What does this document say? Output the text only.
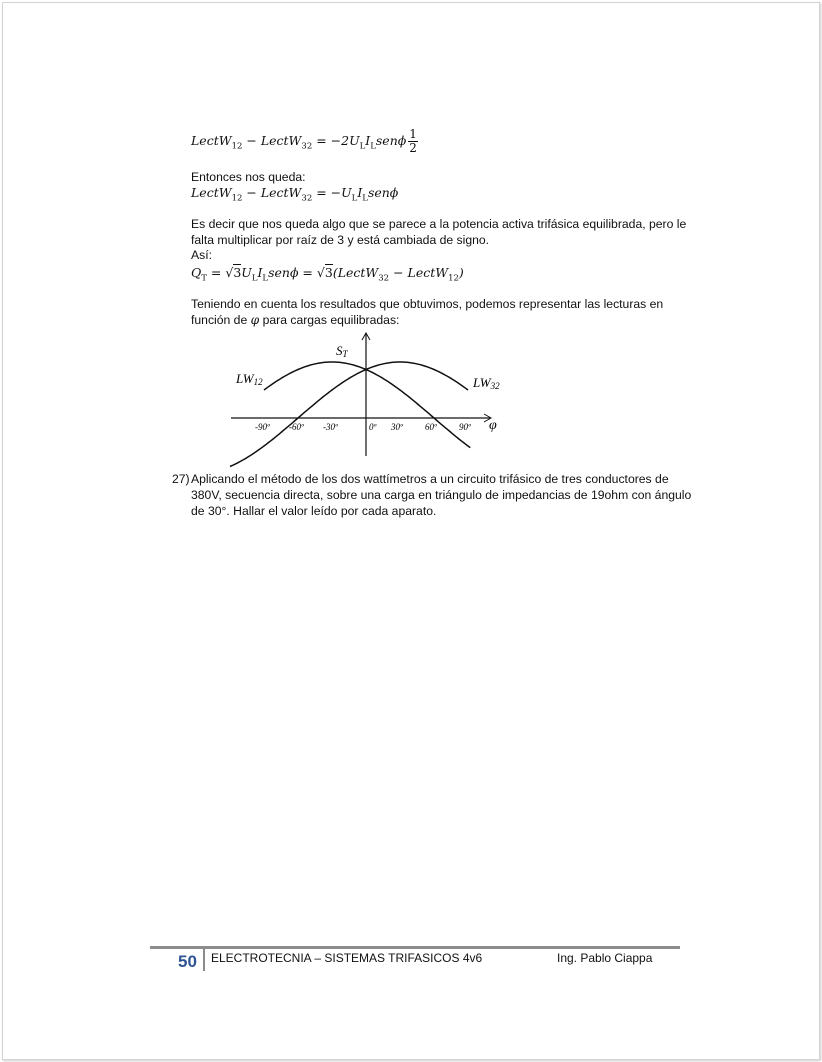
LectW$_{12}$ − LectW$_{32}$ = $-2U_LI_Lsen\phi \frac{1}{2}$
Entonces nos queda:
LectW$_{12}$ − LectW$_{32}$ = $-U_LI_Lsen\phi$
Es decir que nos queda algo que se parece a la potencia activa trifásica equilibrada, pero le
falta multiplicar por raíz de 3 y está cambiada de signo.
Así:
$Q_T = √3U_LI_Lsen\phi$ = √3(LectW$_{32}$ − LectW$_{12}$)
Teniendo en cuenta los resultados que obtuvimos, podemos representar las lecturas en
función de φ para cargas equilibradas:
-90º -60º -30º	0º 30º 60º 90º
ST
LW12	LW32
φ
27) Aplicando el método de los dos wattímetros a un circuito trifásico de tres conductores de
380V, secuencia directa, sobre una carga en triángulo de impedancias de 19ohm con ángulo
de 30°. Hallar el valor leído por cada aparato.
50 ELECTROTECNIA – SISTEMAS TRIFASICOS 4v6	Ing. Pablo Ciappa
